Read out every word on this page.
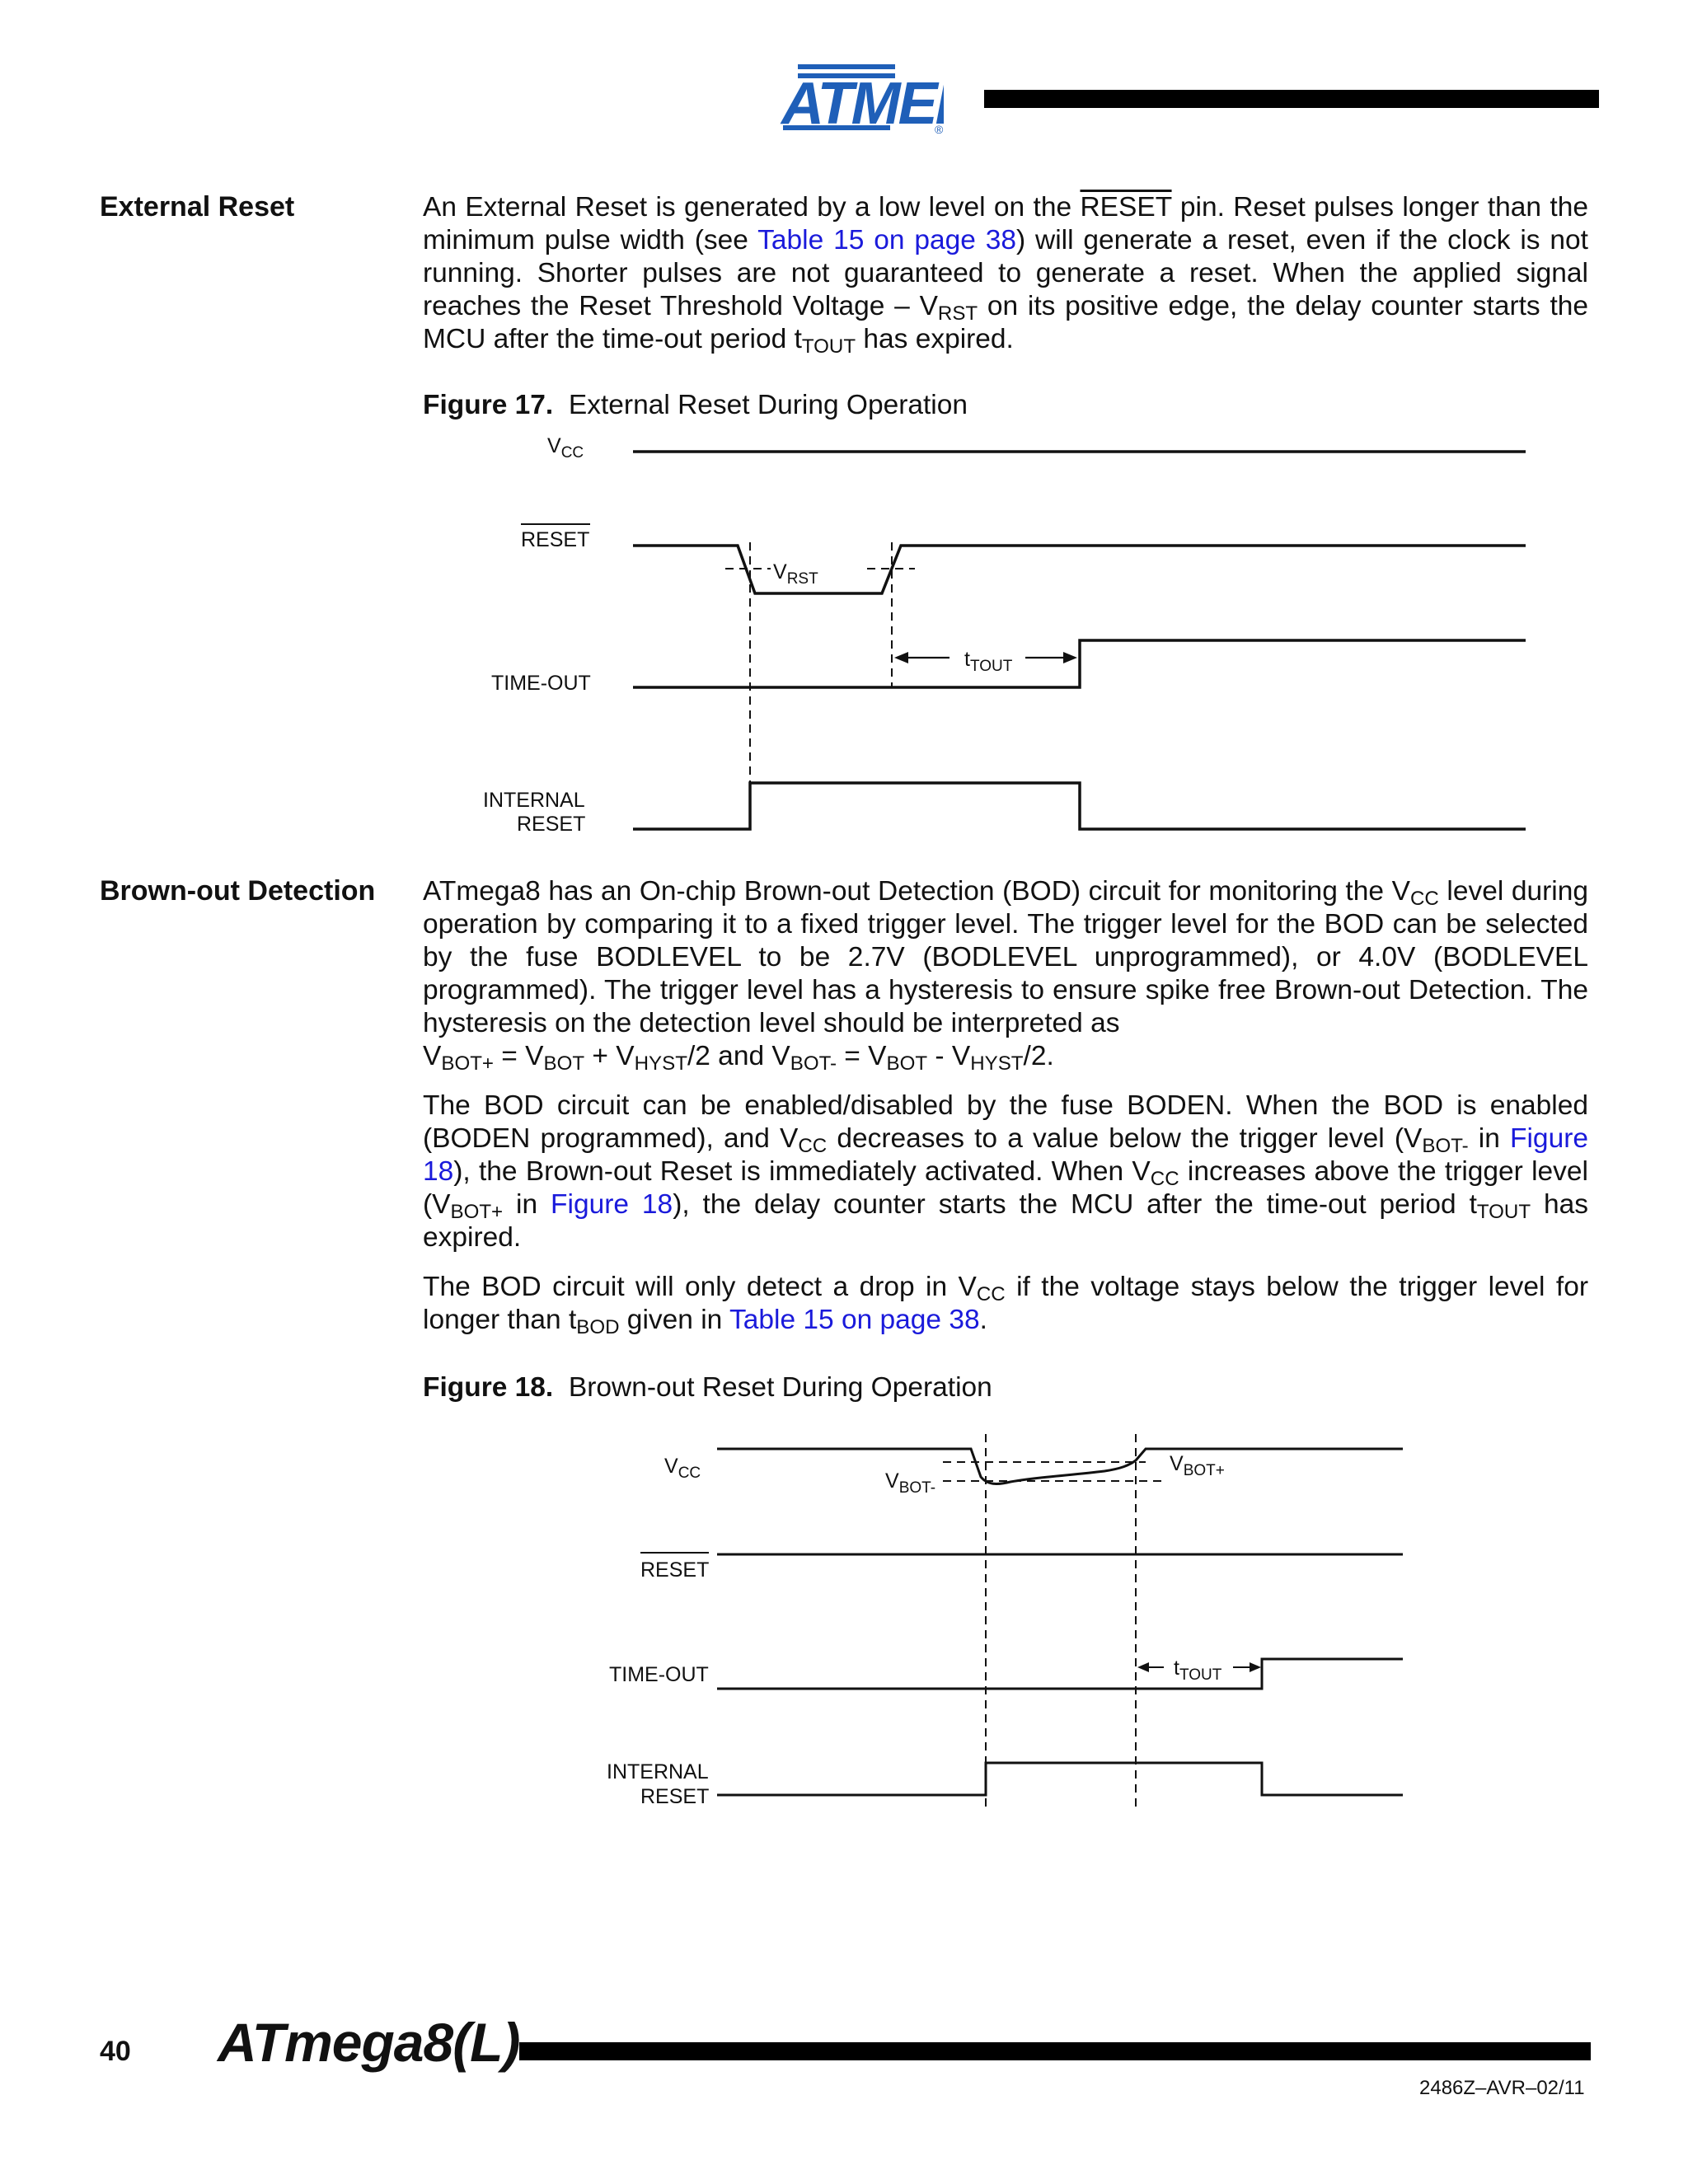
ATME ®
External Reset	An External Reset is generated by a low level on the RESET pin. Reset pulses longer than the minimum pulse width (see Table 15 on page 38) will generate a reset, even if the clock is not running. Shorter pulses are not guaranteed to generate a reset. When the applied signal reaches the Reset Threshold Voltage – $V_{RST}$ on its positive edge, the delay counter starts the MCU after the time-out period $t_{TOUT}$ has expired.

Figure 17. External Reset During Operation
$V_{CC}$
RESET
TIME-OUT
INTERNAL
RESET
$V_{RST}$
$t_{TOUT}$
Brown-out Detection ATmega8 has an On-chip Brown-out Detection (BOD) circuit for monitoring the $V_{CC}$ level during operation by comparing it to a fixed trigger level. The trigger level for the BOD can be selected by the fuse BODLEVEL to be 2.7V (BODLEVEL unprogrammed), or 4.0V (BODLEVEL programmed). The trigger level has a hysteresis to ensure spike free Brown-out Detection. The hysteresis on the detection level should be interpreted as

$V_{BOT+} = V_{BOT} + V_{HYST}/2$ and $V_{BOT-} = V_{BOT} - V_{HYST}/2$.

The BOD circuit can be enabled/disabled by the fuse BODEN. When the BOD is enabled (BODEN programmed), and $V_{CC}$ decreases to a value below the trigger level ($V_{BOT-}$ in Figure 18), the Brown-out Reset is immediately activated. When $V_{CC}$ increases above the trigger level ($V_{BOT+}$ in Figure 18), the delay counter starts the MCU after the time-out period $t_{TOUT}$ has expired.

The BOD circuit will only detect a drop in $V_{CC}$ if the voltage stays below the trigger level for longer than $t_{BOD}$ given in Table 15 on page 38.

Figure 18. Brown-out Reset During Operation
$V_{CC}$
RESET
TIME-OUT
INTERNAL
RESET
$V_{BOT-}$
$V_{BOT+}$
$t_{TOUT}$
40 ATmega8(L)
2486Z–AVR–02/11
